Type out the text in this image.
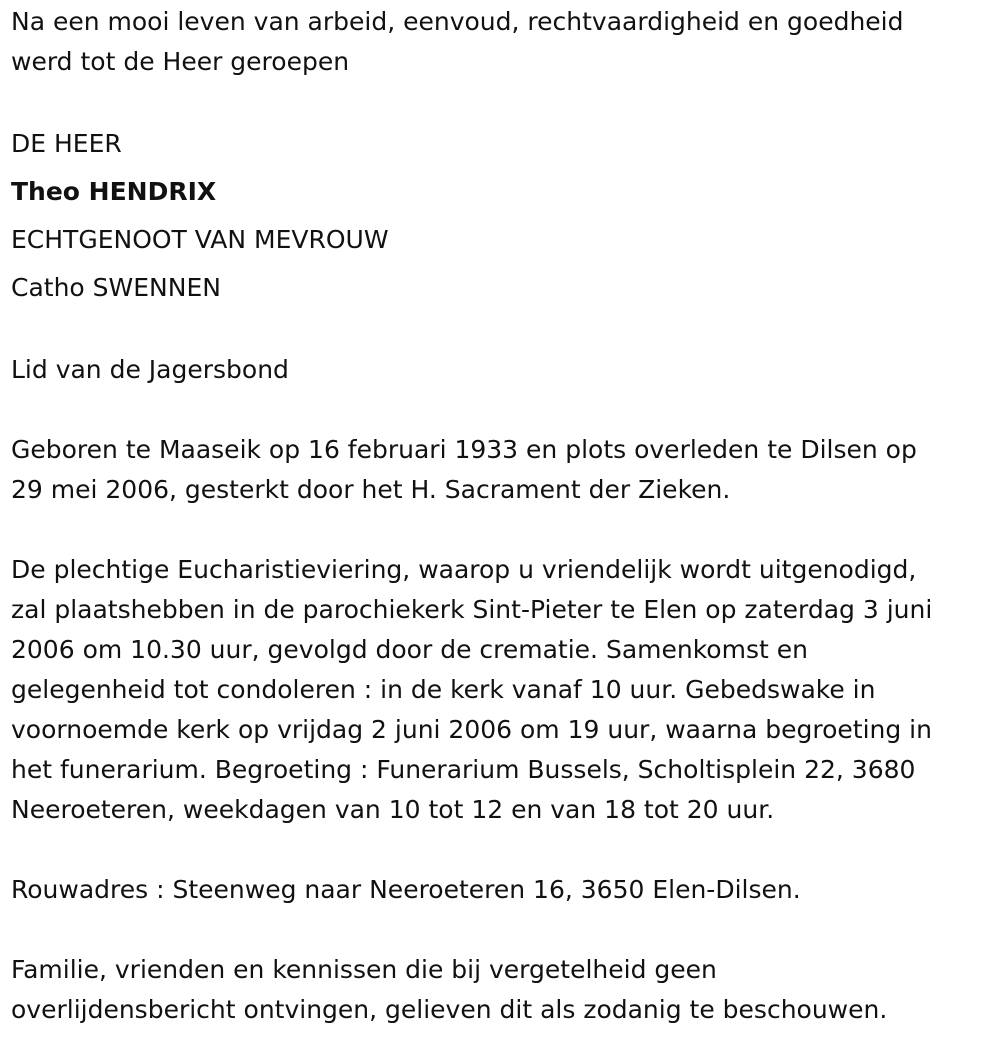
Na een mooi leven van arbeid, eenvoud, rechtvaardigheid en goedheid

werd tot de Heer geroepen

DE HEER

Theo HENDRIX

ECHTGENOOT VAN MEVROUW

Catho SWENNEN

Lid van de Jagersbond

Geboren te Maaseik op 16 februari 1933 en plots overleden te Dilsen op

29 mei 2006, gesterkt door het H. Sacrament der Zieken.

De plechtige Eucharistieviering, waarop u vriendelijk wordt uitgenodigd,

zal plaatshebben in de parochiekerk Sint-Pieter te Elen op zaterdag 3 juni

2006 om 10.30 uur, gevolgd door de crematie. Samenkomst en

gelegenheid tot condoleren : in de kerk vanaf 10 uur. Gebedswake in

voornoemde kerk op vrijdag 2 juni 2006 om 19 uur, waarna begroeting in

het funerarium. Begroeting : Funerarium Bussels, Scholtisplein 22, 3680

Neeroeteren, weekdagen van 10 tot 12 en van 18 tot 20 uur.

Rouwadres : Steenweg naar Neeroeteren 16, 3650 Elen-Dilsen.

Familie, vrienden en kennissen die bij vergetelheid geen

overlijdensbericht ontvingen, gelieven dit als zodanig te beschouwen.
